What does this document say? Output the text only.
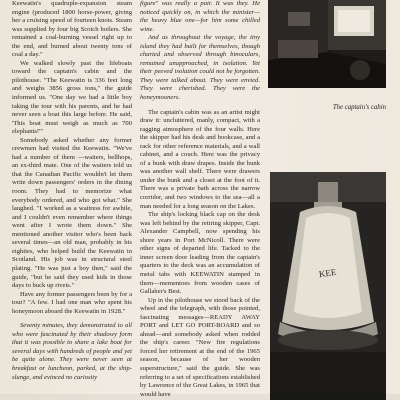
Keewatin's quadruple-expansion steam engine (produced 1800 horse-power, giving her a cruising speed of fourteen knots. Steam was supplied by four big Scotch boilers. She remained a coal-burning vessel right up to the end, and burned about twenty tons of coal a day."

We walked slowly past the lifeboats toward the captain's cabin and the pilothouse. "The Keewatin is 336 feet long and weighs 3856 gross tons," the guide informed us. "One day we had a little boy taking the tour with his parents, and he had never seen a boat this large before. He said, 'This boat must weigh as much as 700 elephants!'"

Somebody asked whether any former crewmen had visited the Keewatin. "We've had a number of them —waiters, bellhops, an ex-third mate. One of the waiters told us that the Canadian Pacific wouldn't let them write down passengers' orders in the dining room. They had to memorize what everybody ordered, and who got what." She laughed. "I worked as a waitress for awhile, and I couldn't even remember where things went after I wrote them down." She mentioned another visitor who's been back several times—an old man, probably in his eighties, who helped build the Keewatin in Scotland. His job was in structural steel plating. "He was just a boy then," said the guide, "but he said they used kids in those days to buck up rivets."

Have any former passengers been by for a tour? "A few. I had one man who spent his honeymoon aboard the Keewatin in 1928."

Seventy minutes, they demonstrated to all who were fascinated by their shadowy form that it was possible to share a lake boat for several days with hundreds of people and yet be quite alone. They were never seen at breakfast or luncheon, parked, at the ship-slunge, and evinced no curiosity

figure" was really a pair. It was they. He noticed quickly on, in which the minister—the heavy blue one—for him some chilled wine.

And as throughout the voyage, the tiny island they had built for themselves, though charted and observed through binoculars, remained unapproached, in isolation. Yet their peeved isolation could not be forgotten. They were talked about. They were envied. They were cherished. They were the honeymooners.

The captain's cabin was as an artist might draw it: uncluttered, manly, compact, with a ragging atmosphere of the four walls. Here the skipper had his desk and bookcase, and a rack for other reference materials, and a wall cabinet, and a couch. Here was the privacy of a bunk with draw drapes. Inside the bunk was another wall shelf. There were drawers under the bunk and a closet at the foot of it. There was a private bath across the narrow corridor, and two windows to the sea—all a man needed for a long season on the Lakes.

The ship's locking black cap on the desk was left behind by the retiring skipper, Capt. Alexander Campbell, now spending his shore years in Port McNicoll. There were other signs of departed life. Tacked to the inner screen door leading from the captain's quarters to the deck was an accumulation of metal tabs with KEEWATIN stamped in them—mementoes from wooden cases of Gallaher's Best.

Up in the pilothouse we stood back of the wheel and the telegraph, with those pointed, fascinating messages—READY AWAY PORT and LET GO PORT-BOARD and so ahead—and somebody asked when rodded the ship's career. "New fire regulations forced her retirement at the end of the 1965 season, because of her wooden superstructure," said the guide. She was referring to a set of specifications established by Lawrence of the Great Lakes, in 1965 that would have

The captain's cabin
KEE
